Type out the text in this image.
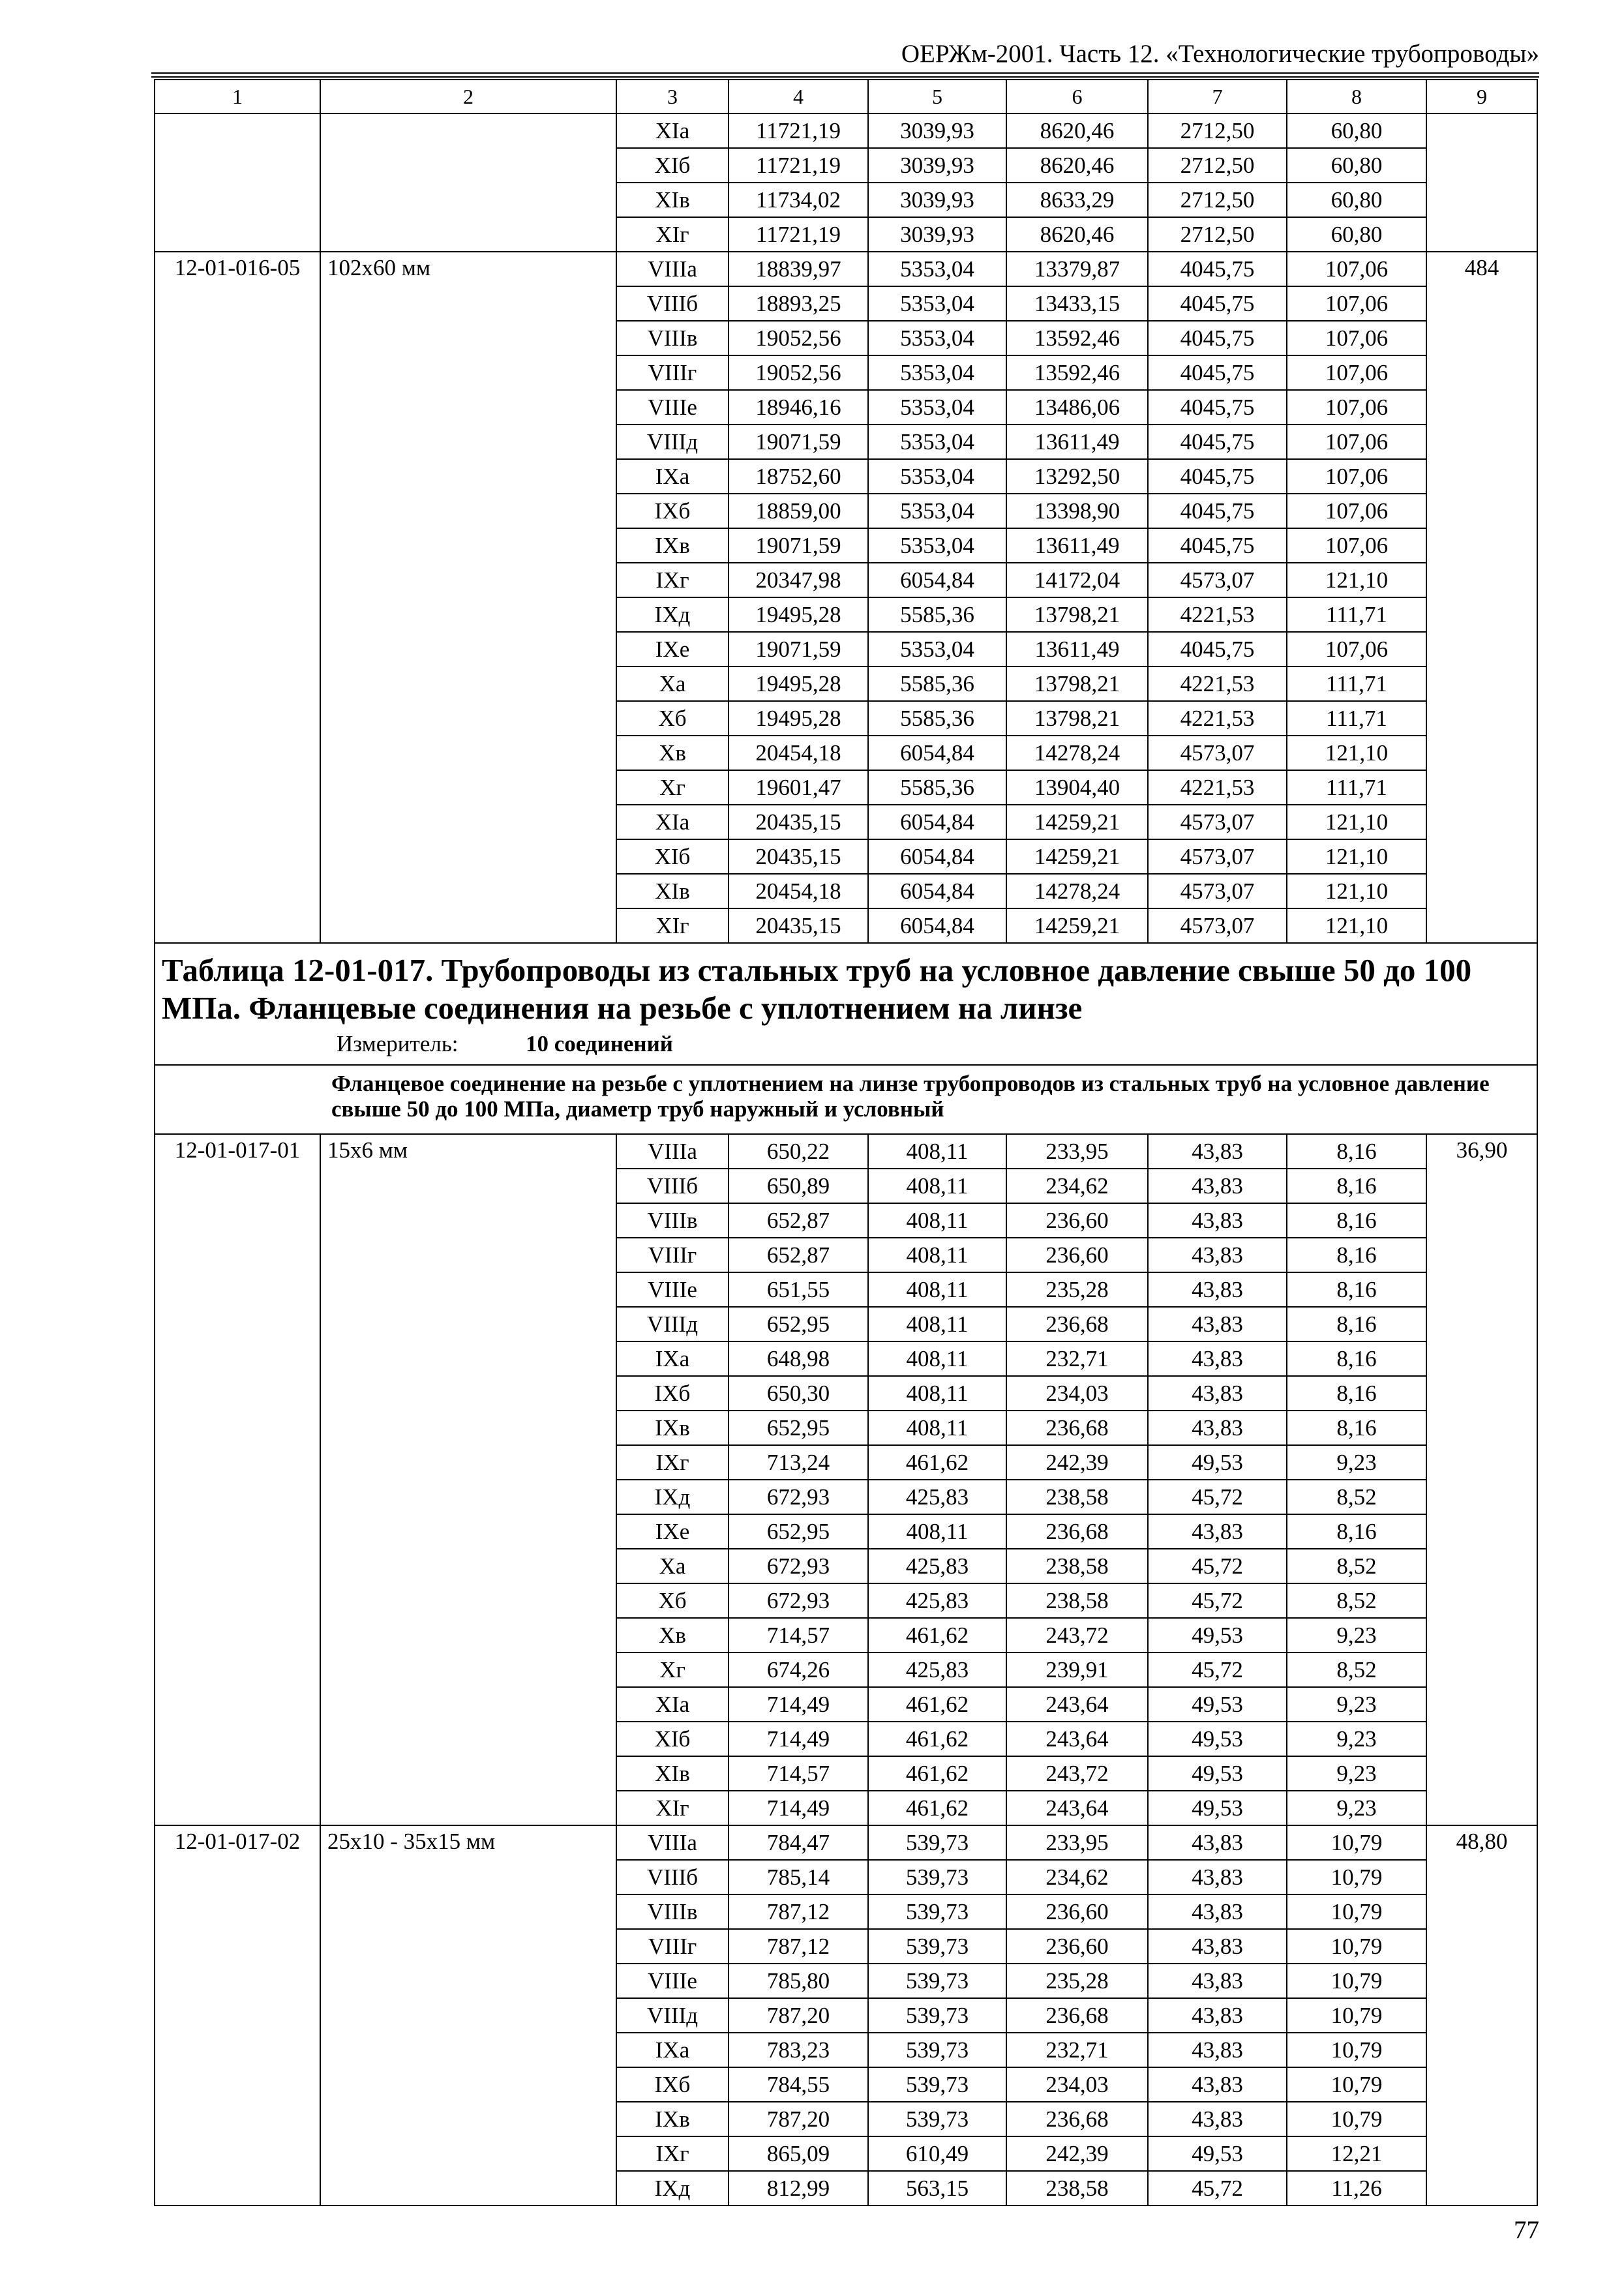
ОЕРЖм-2001. Часть 12. «Технологические трубопроводы»
1	2	3	4	5	6	7	8	9
		XIа	11721,19	3039,93	8620,46	2712,50	60,80	
		XIб	11721,19	3039,93	8620,46	2712,50	60,80	
		XIв	11734,02	3039,93	8633,29	2712,50	60,80	
		XIг	11721,19	3039,93	8620,46	2712,50	60,80	
12-01-016-05	102х60 мм	VIIIа	18839,97	5353,04	13379,87	4045,75	107,06	484
		VIIIб	18893,25	5353,04	13433,15	4045,75	107,06	
		VIIIв	19052,56	5353,04	13592,46	4045,75	107,06	
		VIIIг	19052,56	5353,04	13592,46	4045,75	107,06	
		VIIIе	18946,16	5353,04	13486,06	4045,75	107,06	
		VIIIд	19071,59	5353,04	13611,49	4045,75	107,06	
		IXа	18752,60	5353,04	13292,50	4045,75	107,06	
		IXб	18859,00	5353,04	13398,90	4045,75	107,06	
		IXв	19071,59	5353,04	13611,49	4045,75	107,06	
		IXг	20347,98	6054,84	14172,04	4573,07	121,10	
		IXд	19495,28	5585,36	13798,21	4221,53	111,71	
		IXе	19071,59	5353,04	13611,49	4045,75	107,06	
		Xа	19495,28	5585,36	13798,21	4221,53	111,71	
		Xб	19495,28	5585,36	13798,21	4221,53	111,71	
		Xв	20454,18	6054,84	14278,24	4573,07	121,10	
		Xг	19601,47	5585,36	13904,40	4221,53	111,71	
		XIа	20435,15	6054,84	14259,21	4573,07	121,10	
		XIб	20435,15	6054,84	14259,21	4573,07	121,10	
		XIв	20454,18	6054,84	14278,24	4573,07	121,10	
		XIг	20435,15	6054,84	14259,21	4573,07	121,10	

Таблица 12-01-017. Трубопроводы из стальных труб на условное давление свыше 50 до 100 МПа. Фланцевые соединения на резьбе с уплотнением на линзе
Измеритель: 10 соединений								

Фланцевое соединение на резьбе с уплотнением на линзе трубопроводов из стальных труб на условное давление свыше 50 до 100 МПа, диаметр труб наружный и условный								
12-01-017-01	15х6 мм	VIIIа	650,22	408,11	233,95	43,83	8,16	36,90
		VIIIб	650,89	408,11	234,62	43,83	8,16	
		VIIIв	652,87	408,11	236,60	43,83	8,16	
		VIIIг	652,87	408,11	236,60	43,83	8,16	
		VIIIе	651,55	408,11	235,28	43,83	8,16	
		VIIIд	652,95	408,11	236,68	43,83	8,16	
		IXа	648,98	408,11	232,71	43,83	8,16	
		IXб	650,30	408,11	234,03	43,83	8,16	
		IXв	652,95	408,11	236,68	43,83	8,16	
		IXг	713,24	461,62	242,39	49,53	9,23	
		IXд	672,93	425,83	238,58	45,72	8,52	
		IXе	652,95	408,11	236,68	43,83	8,16	
		Xа	672,93	425,83	238,58	45,72	8,52	
		Xб	672,93	425,83	238,58	45,72	8,52	
		Xв	714,57	461,62	243,72	49,53	9,23	
		Xг	674,26	425,83	239,91	45,72	8,52	
		XIа	714,49	461,62	243,64	49,53	9,23	
		XIб	714,49	461,62	243,64	49,53	9,23	
		XIв	714,57	461,62	243,72	49,53	9,23	
		XIг	714,49	461,62	243,64	49,53	9,23	
12-01-017-02	25х10 - 35х15 мм	VIIIа	784,47	539,73	233,95	43,83	10,79	48,80
		VIIIб	785,14	539,73	234,62	43,83	10,79	
		VIIIв	787,12	539,73	236,60	43,83	10,79	
		VIIIг	787,12	539,73	236,60	43,83	10,79	
		VIIIе	785,80	539,73	235,28	43,83	10,79	
		VIIIд	787,20	539,73	236,68	43,83	10,79	
		IXа	783,23	539,73	232,71	43,83	10,79	
		IXб	784,55	539,73	234,03	43,83	10,79	
		IXв	787,20	539,73	236,68	43,83	10,79	
		IXг	865,09	610,49	242,39	49,53	12,21	
		IXд	812,99	563,15	238,58	45,72	11,26	
77
